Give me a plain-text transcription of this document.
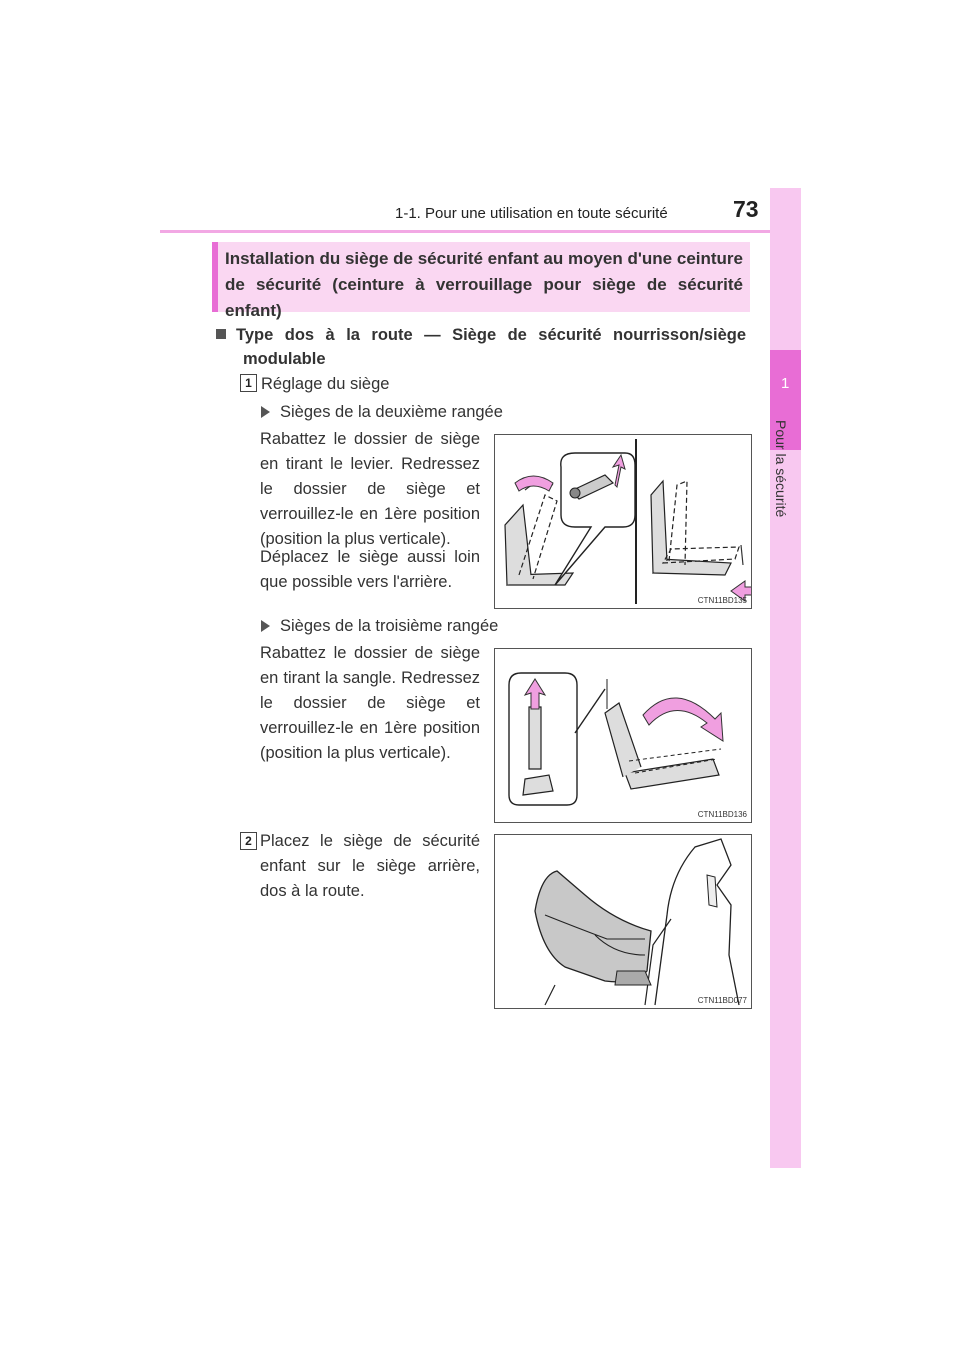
1-1. Pour une utilisation en toute sécurité	73
1
Pour la sécurité
Installation du siège de sécurité enfant au moyen d'une ceinture
de sécurité (ceinture à verrouillage pour siège de sécurité
enfant)
Type dos à la route — Siège de sécurité nourrisson/siège
modulable
1 Réglage du siège
Sièges de la deuxième rangée
Rabattez le dossier de siège en tirant le levier. Redressez le dossier de siège et verrouillez-le en 1ère position (position la plus verticale).
Déplacez le siège aussi loin que possible vers l'arrière.
CTN11BD135
Sièges de la troisième rangée
Rabattez le dossier de siège en tirant la sangle. Redressez le dossier de siège et verrouillez-le en 1ère position (position la plus verticale).
CTN11BD136
2 Placez le siège de sécurité enfant sur le siège arrière, dos à la route.
CTN11BD077
